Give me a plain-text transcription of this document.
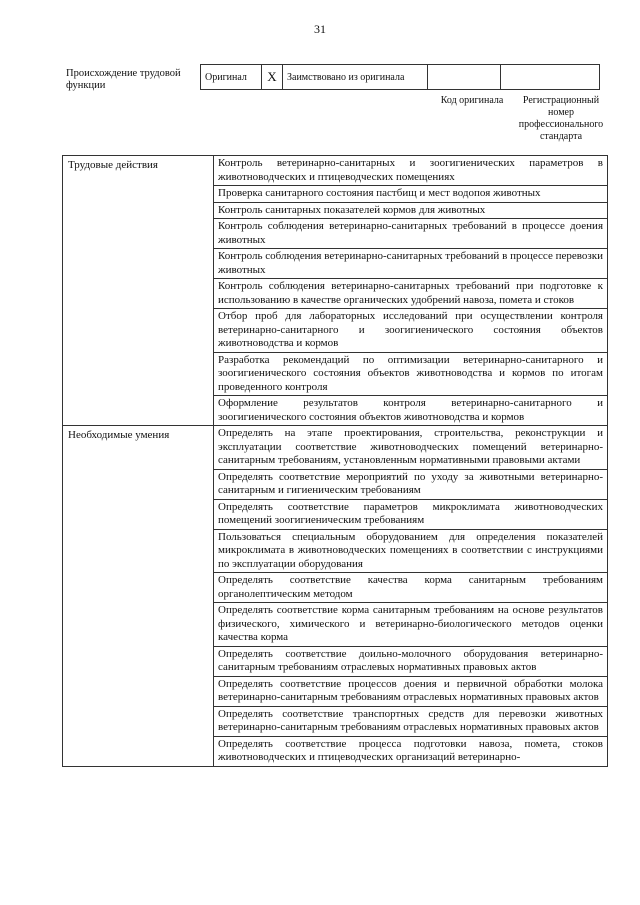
31
Происхождение трудовой функции
Оригинал	X	Заимствовано из оригинала		
Код оригинала	Регистрационный номер профессионального стандарта
Трудовые действия	Контроль ветеринарно-санитарных и зоогигиенических параметров в животноводческих и птицеводческих помещениях
	Проверка санитарного состояния пастбищ и мест водопоя животных
	Контроль санитарных показателей кормов для животных
	Контроль соблюдения ветеринарно-санитарных требований в процессе доения животных
	Контроль соблюдения ветеринарно-санитарных требований в процессе перевозки животных
	Контроль соблюдения ветеринарно-санитарных требований при подготовке к использованию в качестве органических удобрений навоза, помета и стоков
	Отбор проб для лабораторных исследований при осуществлении контроля ветеринарно-санитарного и зоогигиенического состояния объектов животноводства и кормов
	Разработка рекомендаций по оптимизации ветеринарно-санитарного и зоогигиенического состояния объектов животноводства и кормов по итогам проведенного контроля
	Оформление результатов контроля ветеринарно-санитарного и зоогигиенического состояния объектов животноводства и кормов
Необходимые умения	Определять на этапе проектирования, строительства, реконструкции и эксплуатации соответствие животноводческих помещений ветеринарно-санитарным требованиям, установленным нормативными правовыми актами
	Определять соответствие мероприятий по уходу за животными ветеринарно-санитарным и гигиеническим требованиям
	Определять соответствие параметров микроклимата животноводческих помещений зоогигиеническим требованиям
	Пользоваться специальным оборудованием для определения показателей микроклимата в животноводческих помещениях в соответствии с инструкциями по эксплуатации оборудования
	Определять соответствие качества корма санитарным требованиям органолептическим методом
	Определять соответствие корма санитарным требованиям на основе результатов физического, химического и ветеринарно-биологического методов оценки качества корма
	Определять соответствие доильно-молочного оборудования ветеринарно-санитарным требованиям отраслевых нормативных правовых актов
	Определять соответствие процессов доения и первичной обработки молока ветеринарно-санитарным требованиям отраслевых нормативных правовых актов
	Определять соответствие транспортных средств для перевозки животных ветеринарно-санитарным требованиям отраслевых нормативных правовых актов
	Определять соответствие процесса подготовки навоза, помета, стоков животноводческих и птицеводческих организаций ветеринарно-
